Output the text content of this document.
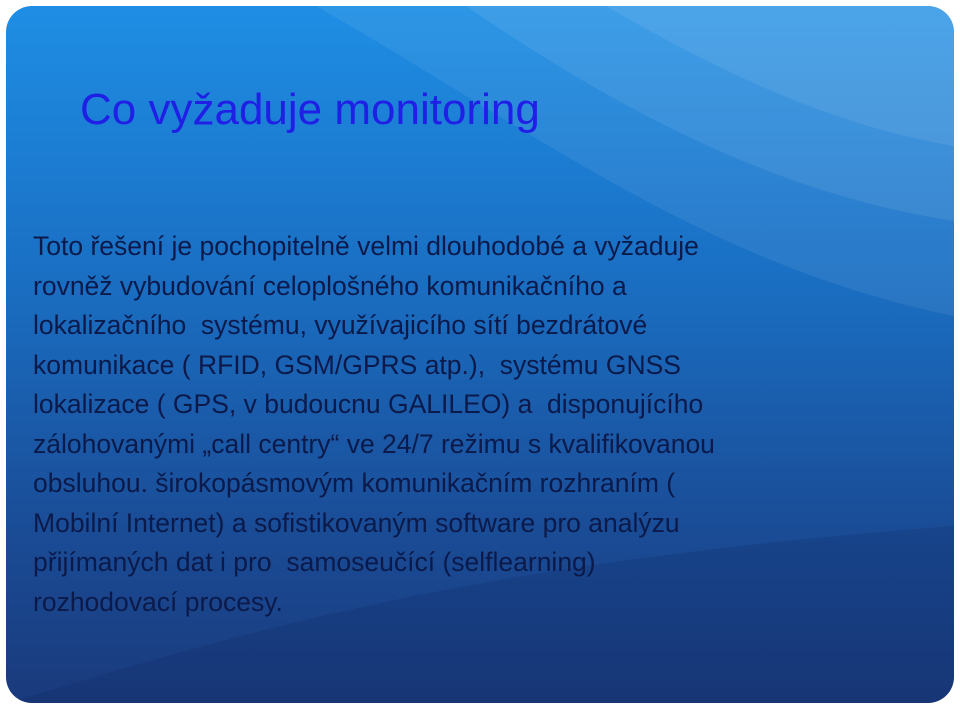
Co vyžaduje monitoring

Toto řešení je pochopitelně velmi dlouhodobé a vyžaduje
rovněž vybudování celoplošného komunikačního a
lokalizačního  systému, využívajicího sítí bezdrátové
komunikace ( RFID, GSM/GPRS atp.),  systému GNSS
lokalizace ( GPS, v budoucnu GALILEO) a  disponujícího
zálohovanými „call centry“ ve 24/7 režimu s kvalifikovanou
obsluhou. širokopásmovým komunikačním rozhraním (
Mobilní Internet) a sofistikovaným software pro analýzu
přijímaných dat i pro  samoseučící (selflearning)
rozhodovací procesy.
